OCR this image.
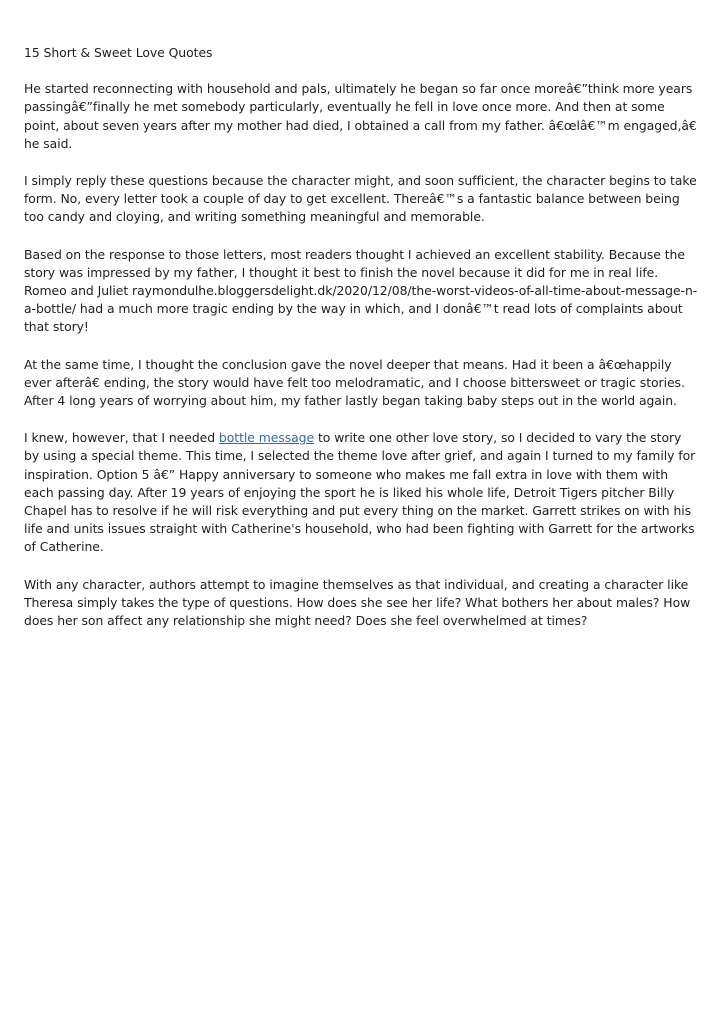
15 Short & Sweet Love Quotes

He started reconnecting with household and pals, ultimately he began so far once moreâ€”think more years passingâ€”finally he met somebody particularly, eventually he fell in love once more. And then at some point, about seven years after my mother had died, I obtained a call from my father. â€œlâ€™m engaged,â€ he said.

I simply reply these questions because the character might, and soon sufficient, the character begins to take form. No, every letter took a couple of day to get excellent. Thereâ€™s a fantastic balance between being too candy and cloying, and writing something meaningful and memorable.

Based on the response to those letters, most readers thought I achieved an excellent stability. Because the story was impressed by my father, I thought it best to finish the novel because it did for me in real life. Romeo and Juliet raymondulhe.bloggersdelight.dk/2020/12/08/the-worst-videos-of-all-time-about-message-n-a-bottle/ had a much more tragic ending by the way in which, and I donâ€™t read lots of complaints about that story!

At the same time, I thought the conclusion gave the novel deeper that means. Had it been a â€œhappily ever afterâ€ ending, the story would have felt too melodramatic, and I choose bittersweet or tragic stories. After 4 long years of worrying about him, my father lastly began taking baby steps out in the world again.

I knew, however, that I needed bottle message to write one other love story, so I decided to vary the story by using a special theme. This time, I selected the theme love after grief, and again I turned to my family for inspiration. Option 5 â€” Happy anniversary to someone who makes me fall extra in love with them with each passing day. After 19 years of enjoying the sport he is liked his whole life, Detroit Tigers pitcher Billy Chapel has to resolve if he will risk everything and put every thing on the market. Garrett strikes on with his life and units issues straight with Catherine's household, who had been fighting with Garrett for the artworks of Catherine.

With any character, authors attempt to imagine themselves as that individual, and creating a character like Theresa simply takes the type of questions. How does she see her life? What bothers her about males? How does her son affect any relationship she might need? Does she feel overwhelmed at times?
